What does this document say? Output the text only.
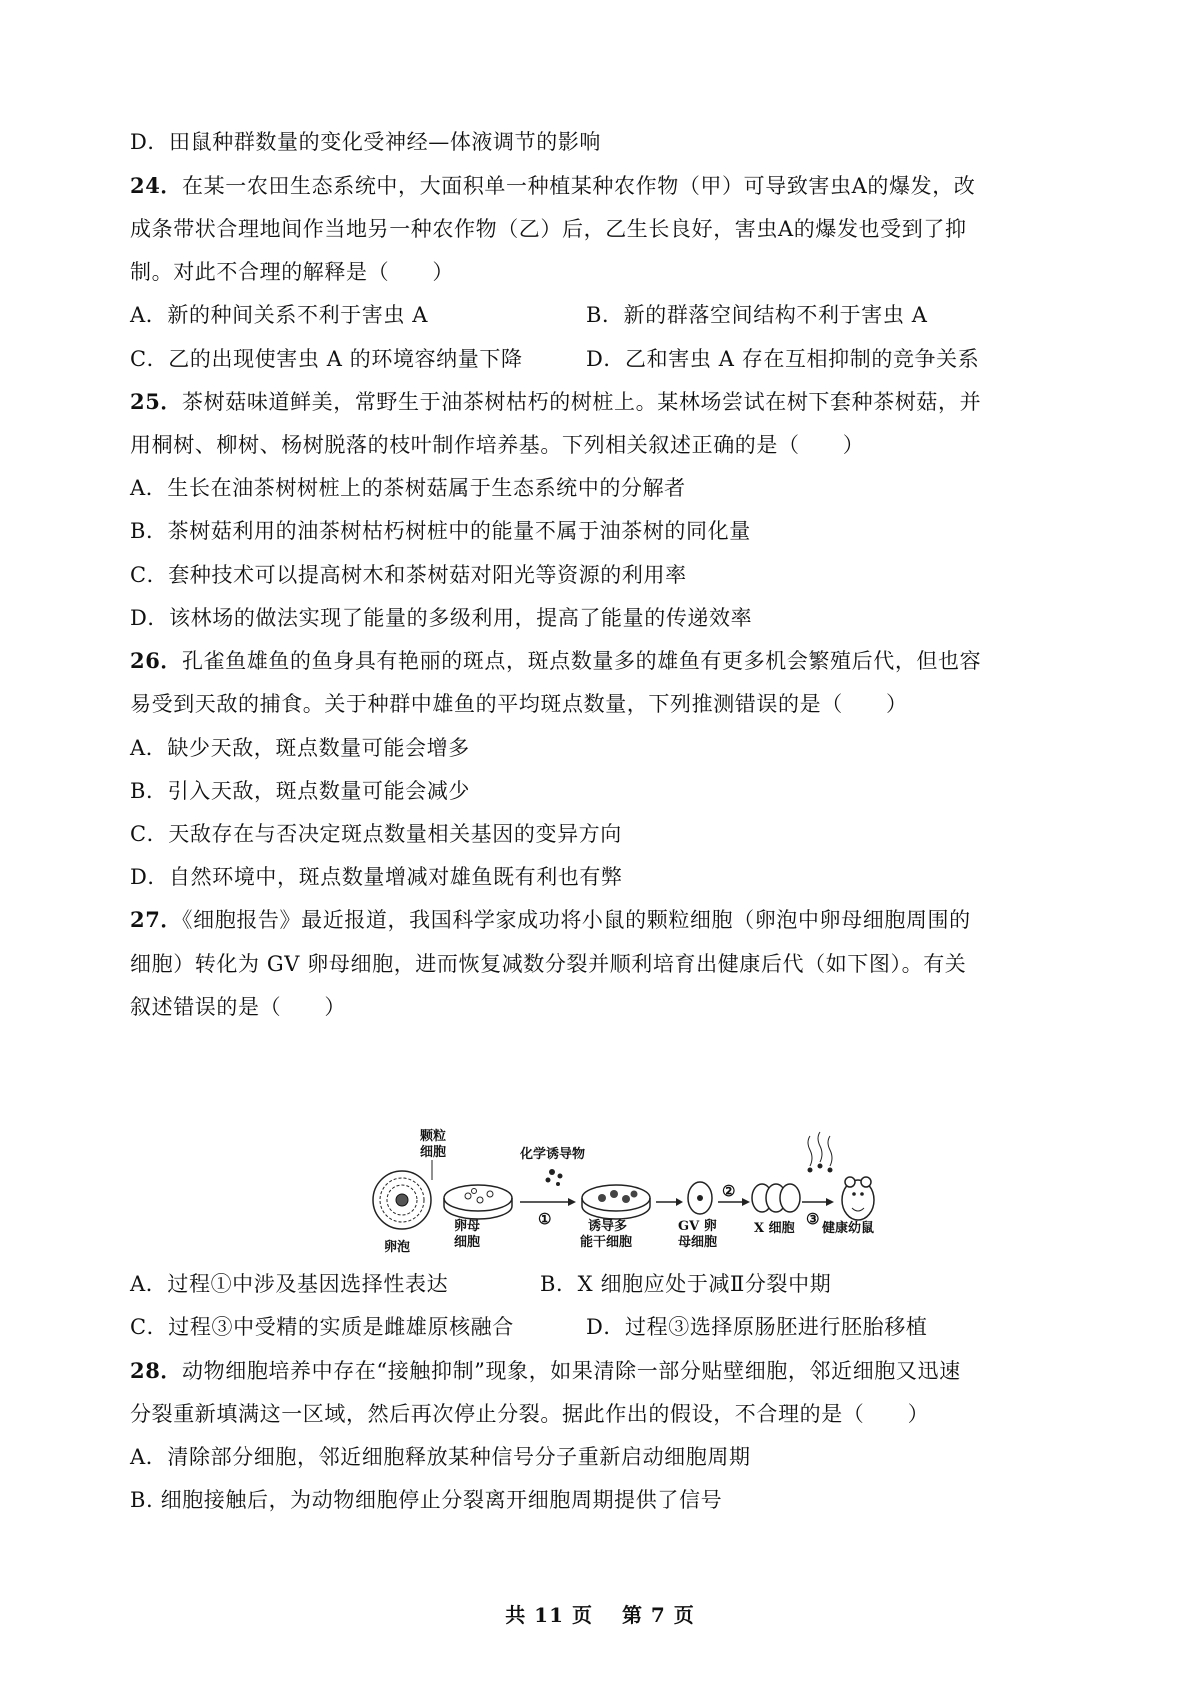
D．田鼠种群数量的变化受神经—体液调节的影响
24．在某一农田生态系统中，大面积单一种植某种农作物（甲）可导致害虫A的爆发，改
成条带状合理地间作当地另一种农作物（乙）后，乙生长良好，害虫A的爆发也受到了抑
制。对此不合理的解释是（　　）
A．新的种间关系不利于害虫 A	B．新的群落空间结构不利于害虫 A
C．乙的出现使害虫 A 的环境容纳量下降	D．乙和害虫 A 存在互相抑制的竞争关系
25．茶树菇味道鲜美，常野生于油茶树枯朽的树桩上。某林场尝试在树下套种茶树菇，并
用桐树、柳树、杨树脱落的枝叶制作培养基。下列相关叙述正确的是（　　）
A．生长在油茶树树桩上的茶树菇属于生态系统中的分解者
B．茶树菇利用的油茶树枯朽树桩中的能量不属于油茶树的同化量
C．套种技术可以提高树木和茶树菇对阳光等资源的利用率
D．该林场的做法实现了能量的多级利用，提高了能量的传递效率
26．孔雀鱼雄鱼的鱼身具有艳丽的斑点，斑点数量多的雄鱼有更多机会繁殖后代，但也容
易受到天敌的捕食。关于种群中雄鱼的平均斑点数量，下列推测错误的是（　　）
A．缺少天敌，斑点数量可能会增多
B．引入天敌，斑点数量可能会减少
C．天敌存在与否决定斑点数量相关基因的变异方向
D．自然环境中，斑点数量增减对雄鱼既有利也有弊
27．《细胞报告》最近报道，我国科学家成功将小鼠的颗粒细胞（卵泡中卵母细胞周围的
细胞）转化为 GV 卵母细胞，进而恢复减数分裂并顺利培育出健康后代（如下图）。有关
叙述错误的是（　　）
卵泡
颗粒
细胞
卵母
细胞
化学诱导物
①	诱导多
能干细胞
GV 卵
母细胞
②
X 细胞
③
健康幼鼠
A．过程①中涉及基因选择性表达	B．X 细胞应处于减Ⅱ分裂中期
C．过程③中受精的实质是雌雄原核融合	D．过程③选择原肠胚进行胚胎移植
28．动物细胞培养中存在“接触抑制”现象，如果清除一部分贴壁细胞，邻近细胞又迅速
分裂重新填满这一区域，然后再次停止分裂。据此作出的假设，不合理的是（　　）
A．清除部分细胞，邻近细胞释放某种信号分子重新启动细胞周期
B. 细胞接触后，为动物细胞停止分裂离开细胞周期提供了信号
共 11 页　 第 7 页
